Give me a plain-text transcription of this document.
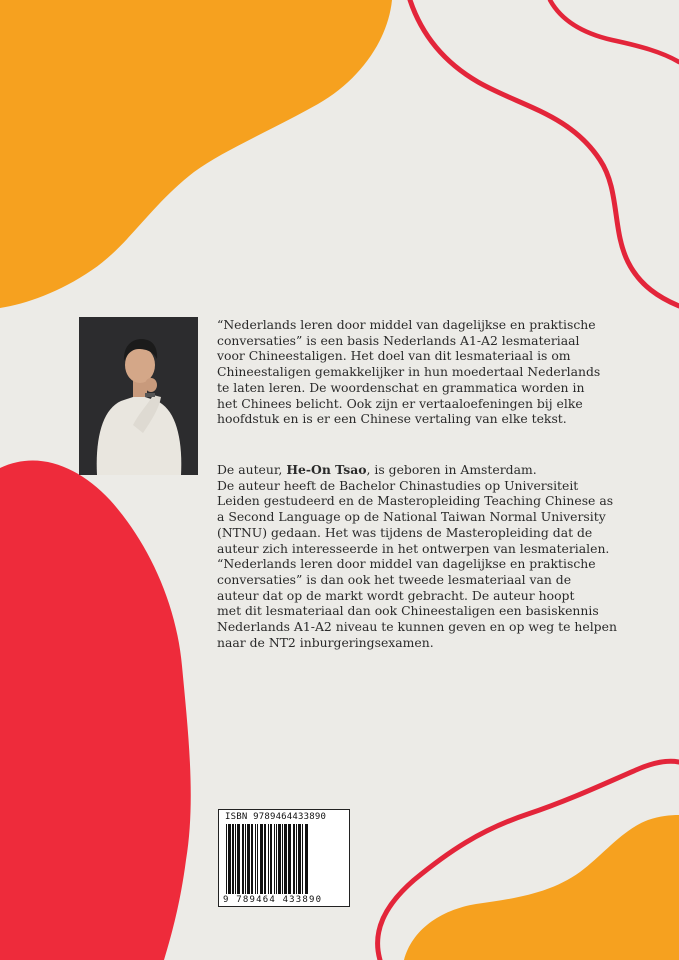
“Nederlands leren door middel van dagelijkse en praktische
conversaties” is een basis Nederlands A1-A2 lesmateriaal
voor Chineestaligen. Het doel van dit lesmateriaal is om
Chineestaligen gemakkelijker in hun moedertaal Nederlands
te laten leren. De woordenschat en grammatica worden in
het Chinees belicht. Ook zijn er vertaaloefeningen bij elke
hoofdstuk en is er een Chinese vertaling van elke tekst.
De auteur, He-On Tsao, is geboren in Amsterdam.
De auteur heeft de Bachelor Chinastudies op Universiteit
Leiden gestudeerd en de Masteropleiding Teaching Chinese as
a Second Language op de National Taiwan Normal University
(NTNU) gedaan. Het was tijdens de Masteropleiding dat de
auteur zich interesseerde in het ontwerpen van lesmaterialen.
“Nederlands leren door middel van dagelijkse en praktische
conversaties” is dan ook het tweede lesmateriaal van de
auteur dat op de markt wordt gebracht. De auteur hoopt
met dit lesmateriaal dan ook Chineestaligen een basiskennis
Nederlands A1-A2 niveau te kunnen geven en op weg te helpen
naar de NT2 inburgeringsexamen.
ISBN 9789464433890
9 789464 433890
